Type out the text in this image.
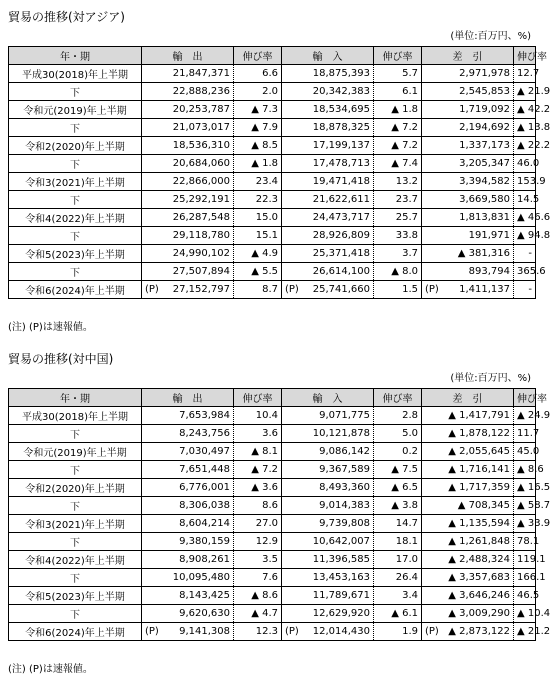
貿易の推移(対アジア)
(単位:百万円、%)
年・期	輸　出	伸び率	輸　入	伸び率	差　引	伸び率
平成30(2018)年上半期	21,847,371	6.6	18,875,393	5.7	2,971,978	12.7
下	22,888,236	2.0	20,342,383	6.1	2,545,853	▲ 21.9
令和元(2019)年上半期	20,253,787	▲ 7.3	18,534,695	▲ 1.8	1,719,092	▲ 42.2
下	21,073,017	▲ 7.9	18,878,325	▲ 7.2	2,194,692	▲ 13.8
令和2(2020)年上半期	18,536,310	▲ 8.5	17,199,137	▲ 7.2	1,337,173	▲ 22.2
下	20,684,060	▲ 1.8	17,478,713	▲ 7.4	3,205,347	46.0
令和3(2021)年上半期	22,866,000	23.4	19,471,418	13.2	3,394,582	153.9
下	25,292,191	22.3	21,622,611	23.7	3,669,580	14.5
令和4(2022)年上半期	26,287,548	15.0	24,473,717	25.7	1,813,831	▲ 46.6
下	29,118,780	15.1	28,926,809	33.8	191,971	▲ 94.8
令和5(2023)年上半期	24,990,102	▲ 4.9	25,371,418	3.7	▲ 381,316	-
下	27,507,894	▲ 5.5	26,614,100	▲ 8.0	893,794	365.6
令和6(2024)年上半期	(P) 27,152,797	8.7	(P) 25,741,660	1.5	(P) 1,411,137	-
(注) (P)は速報値。
貿易の推移(対中国)
(単位:百万円、%)
年・期	輸　出	伸び率	輸　入	伸び率	差　引	伸び率
平成30(2018)年上半期	7,653,984	10.4	9,071,775	2.8	▲ 1,417,791	▲ 24.9
下	8,243,756	3.6	10,121,878	5.0	▲ 1,878,122	11.7
令和元(2019)年上半期	7,030,497	▲ 8.1	9,086,142	0.2	▲ 2,055,645	45.0
下	7,651,448	▲ 7.2	9,367,589	▲ 7.5	▲ 1,716,141	▲ 8.6
令和2(2020)年上半期	6,776,001	▲ 3.6	8,493,360	▲ 6.5	▲ 1,717,359	▲ 16.5
下	8,306,038	8.6	9,014,383	▲ 3.8	▲ 708,345	▲ 58.7
令和3(2021)年上半期	8,604,214	27.0	9,739,808	14.7	▲ 1,135,594	▲ 33.9
下	9,380,159	12.9	10,642,007	18.1	▲ 1,261,848	78.1
令和4(2022)年上半期	8,908,261	3.5	11,396,585	17.0	▲ 2,488,324	119.1
下	10,095,480	7.6	13,453,163	26.4	▲ 3,357,683	166.1
令和5(2023)年上半期	8,143,425	▲ 8.6	11,789,671	3.4	▲ 3,646,246	46.5
下	9,620,630	▲ 4.7	12,629,920	▲ 6.1	▲ 3,009,290	▲ 10.4
令和6(2024)年上半期	(P) 9,141,308	12.3	(P) 12,014,430	1.9	(P) ▲ 2,873,122	▲ 21.2
(注) (P)は速報値。
